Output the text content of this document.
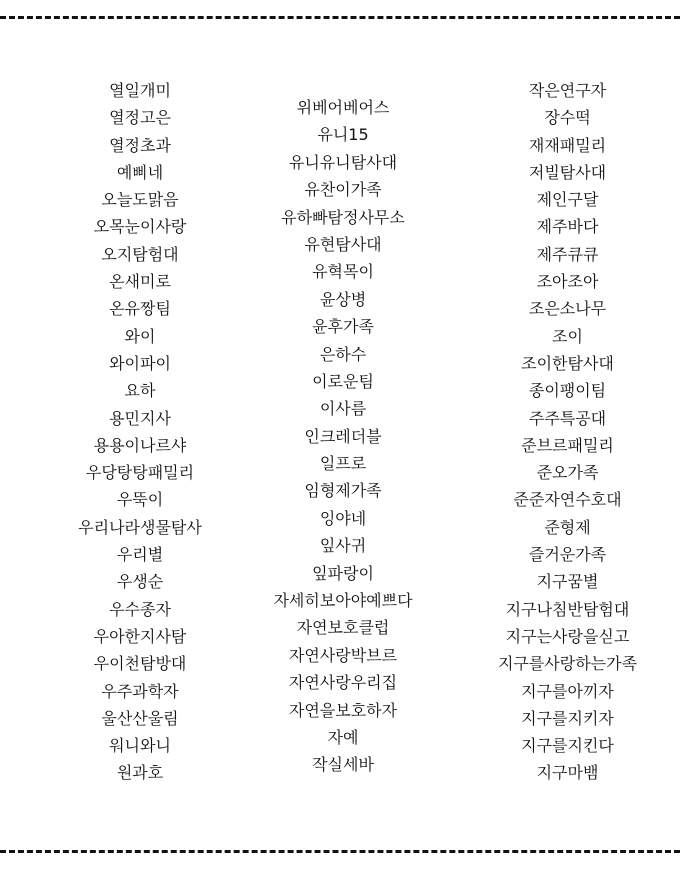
열일개미
열정고은
열정초과
예삐네
오늘도맑음
오목눈이사랑
오지탐험대
온새미로
온유짱팀
와이
와이파이
요하
용민지사
용용이나르샤
우당탕탕패밀리
우뚝이
우리나라생물탐사
우리별
우생순
우수종자
우아한지사탐
우이천탐방대
우주과학자
울산산울림
워니와니
원과호
위베어베어스
유니15
유니유니탐사대
유찬이가족
유하빠탐정사무소
유현탐사대
유혁목이
윤상병
윤후가족
은하수
이로운팀
이사름
인크레더블
일프로
임형제가족
잉야네
잎사귀
잎파랑이
자세히보아야예쁘다
자연보호클럽
자연사랑박브르
자연사랑우리집
자연을보호하자
자예
작실세바
작은연구자
장수떡
재재패밀리
저빌탐사대
제인구달
제주바다
제주큐큐
조아조아
조은소나무
조이
조이한탐사대
종이팽이팀
주주특공대
준브르패밀리
준오가족
준준자연수호대
준형제
즐거운가족
지구꿈별
지구나침반탐험대
지구는사랑을싣고
지구를사랑하는가족
지구를아끼자
지구를지키자
지구를지킨다
지구마뱀
